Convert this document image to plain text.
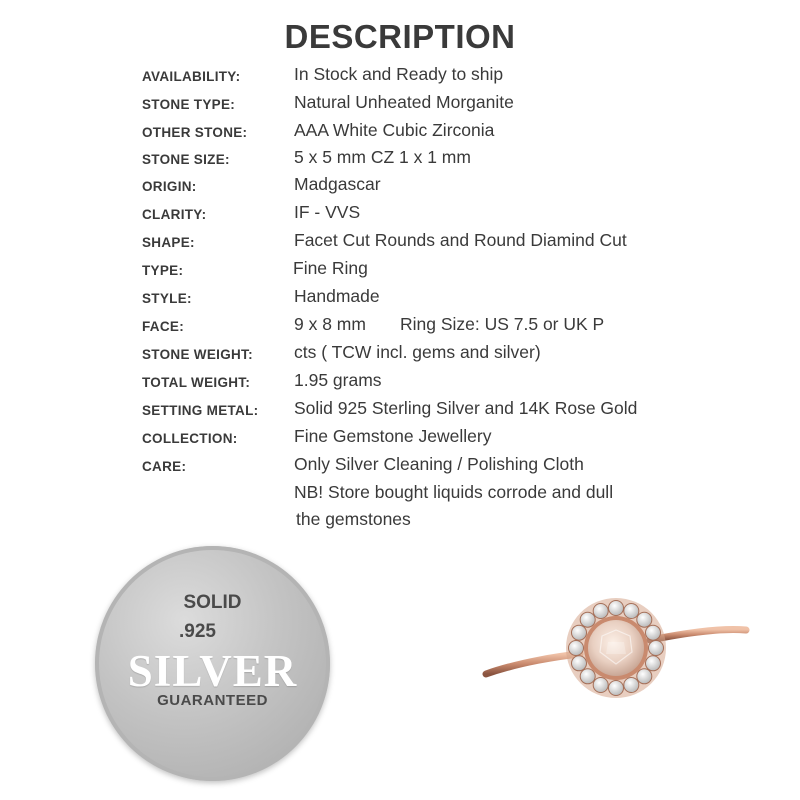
DESCRIPTION
AVAILABILITY:	In Stock and Ready to ship
STONE TYPE:	Natural Unheated Morganite
OTHER STONE:	AAA White Cubic Zirconia
STONE SIZE:	5 x 5 mm CZ 1 x 1 mm
ORIGIN:	Madgascar
CLARITY:	IF - VVS
SHAPE:	Facet Cut Rounds and Round Diamind Cut
TYPE:	Fine Ring
STYLE:	Handmade
FACE:	9 x 8 mm Ring Size: US 7.5 or UK P
STONE WEIGHT: cts ( TCW incl. gems and silver)
TOTAL WEIGHT:	1.95 grams
SETTING METAL: Solid 925 Sterling Silver and 14K Rose Gold
COLLECTION:	Fine Gemstone Jewellery
CARE:	Only Silver Cleaning / Polishing Cloth
NB! Store bought liquids corrode and dull
the gemstones
SOLID
.925
SILVER
GUARANTEED
